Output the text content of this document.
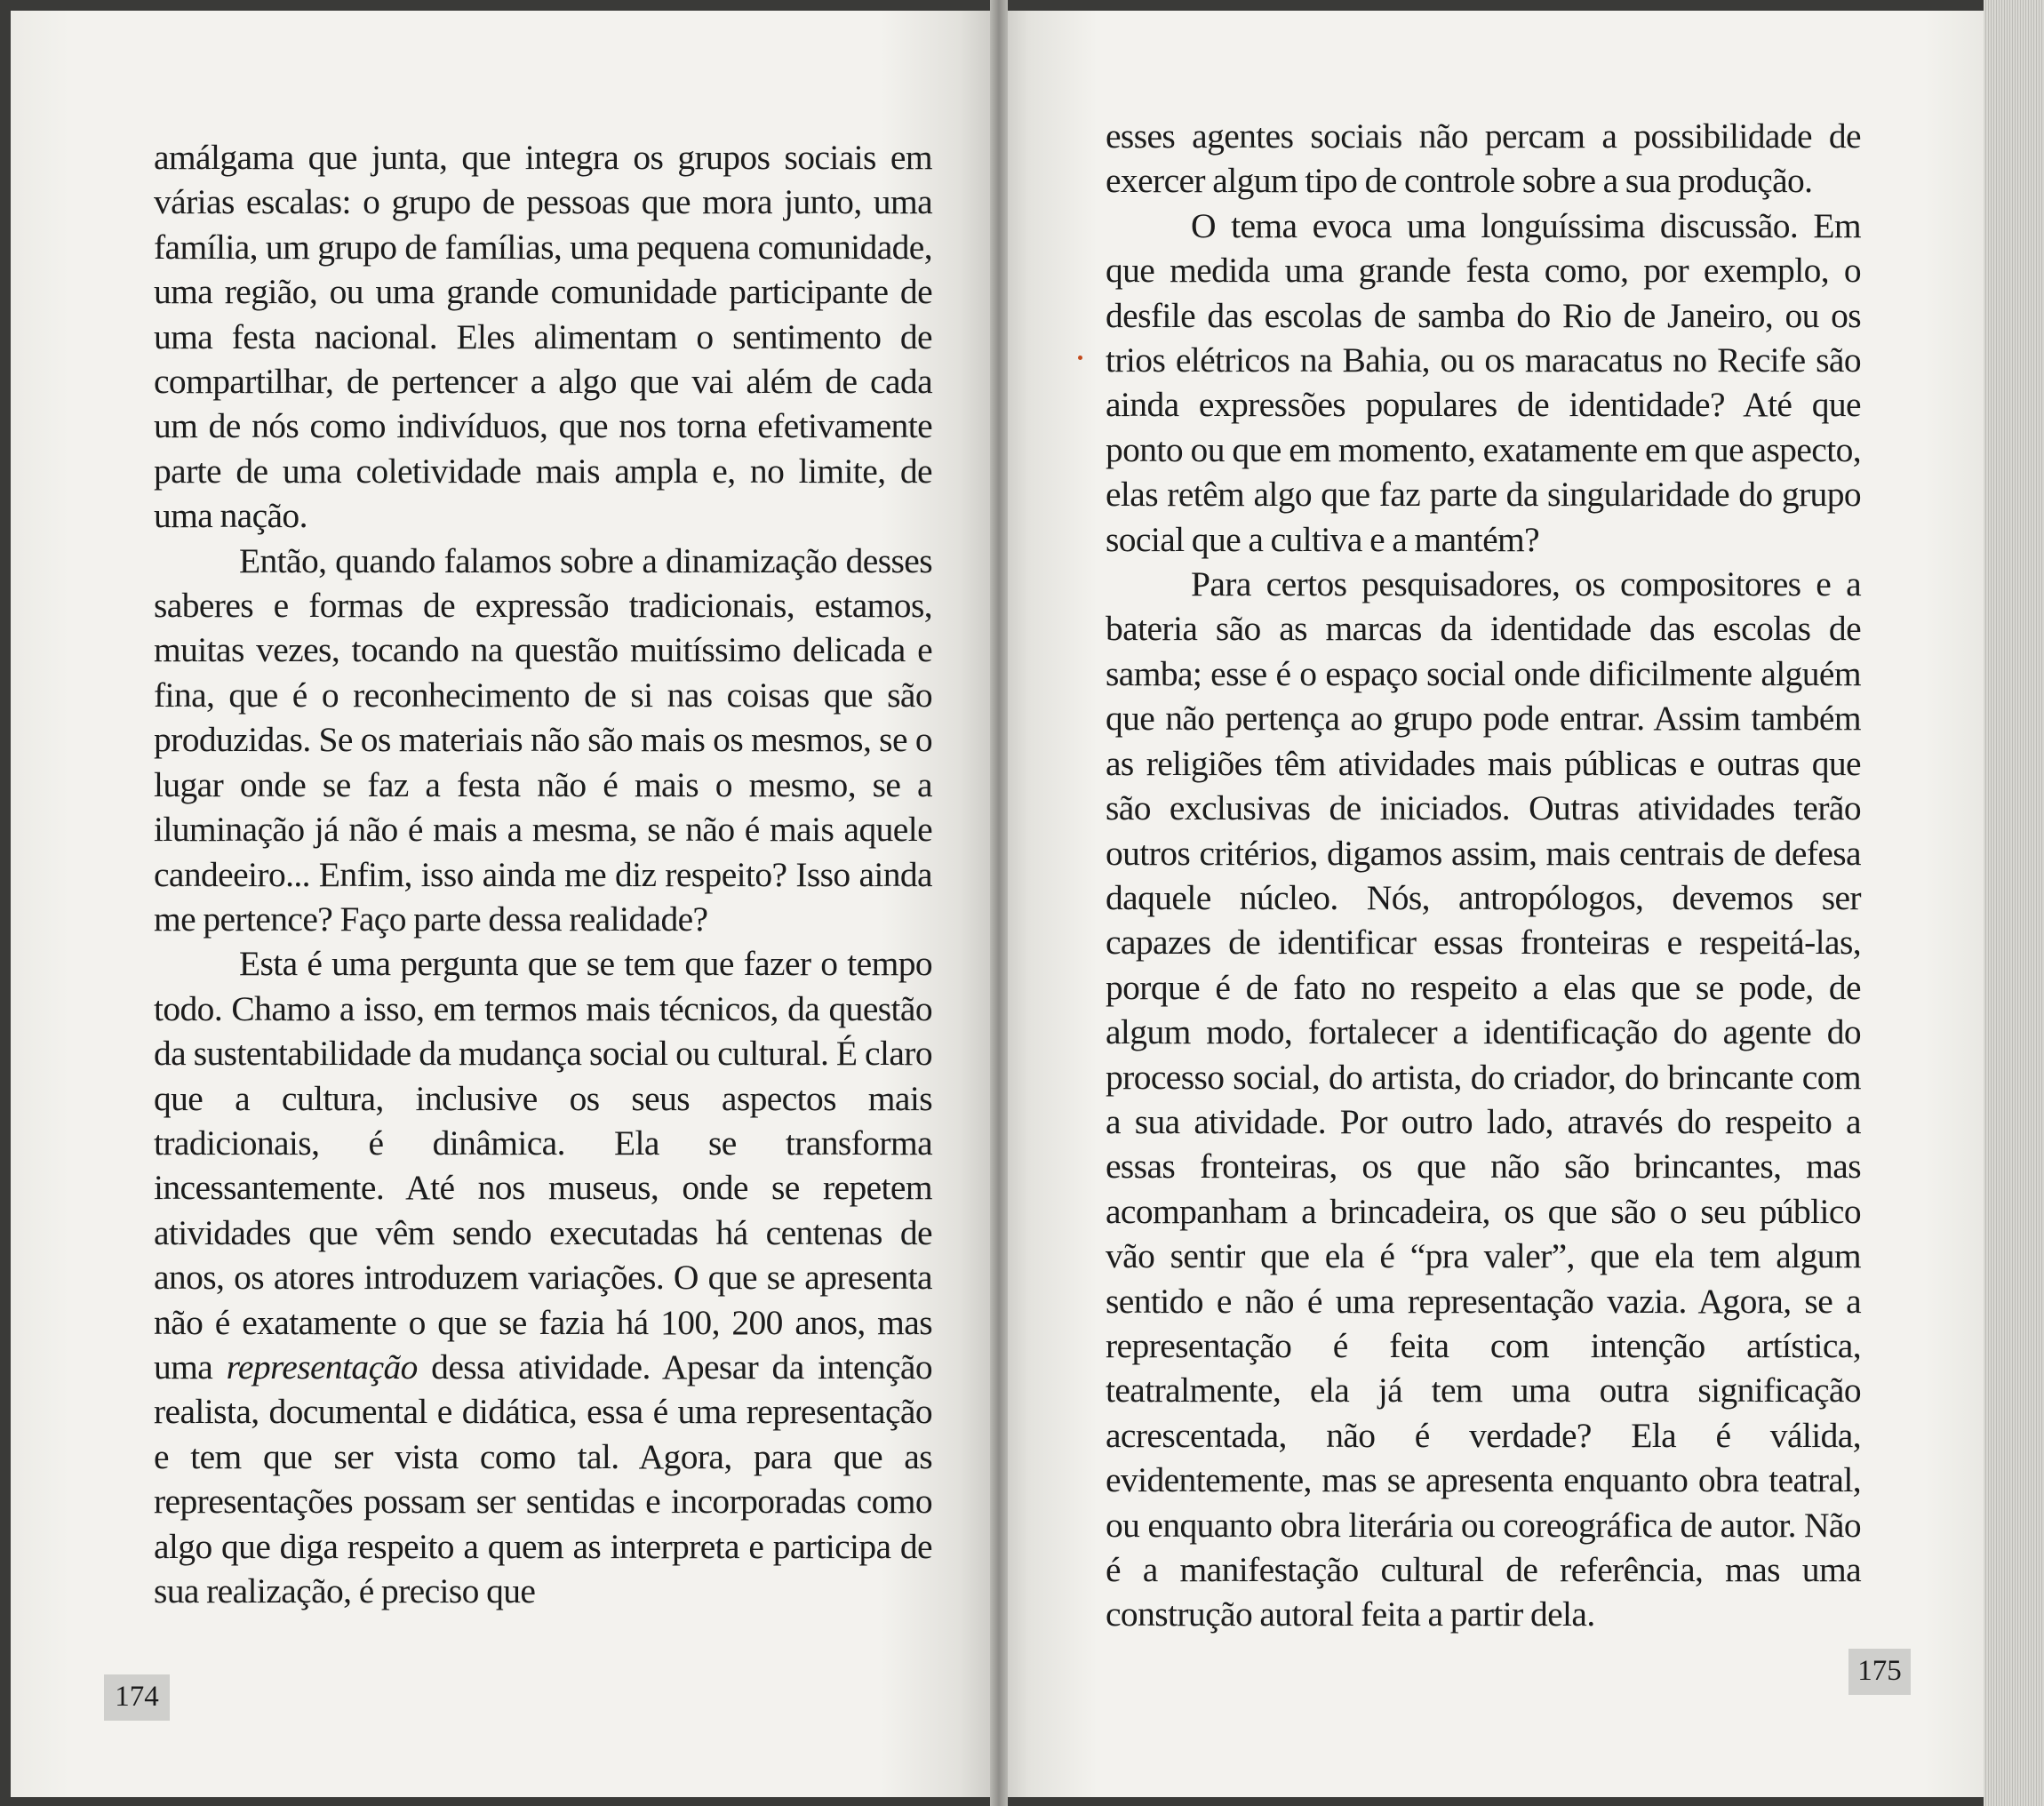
amálgama que junta, que integra os grupos sociais em várias escalas: o grupo de pessoas que mora junto, uma família, um grupo de famílias, uma pequena comunidade, uma região, ou uma grande comunidade participante de uma festa nacional. Eles alimentam o sentimento de compartilhar, de pertencer a algo que vai além de cada um de nós como indivíduos, que nos torna efetivamente parte de uma coletividade mais ampla e, no limite, de uma nação.

Então, quando falamos sobre a dinamização desses saberes e formas de expressão tradicionais, estamos, muitas vezes, tocando na questão muitíssimo delicada e fina, que é o reconhecimento de si nas coisas que são produzidas. Se os materiais não são mais os mesmos, se o lugar onde se faz a festa não é mais o mesmo, se a iluminação já não é mais a mesma, se não é mais aquele candeeiro... Enfim, isso ainda me diz respeito? Isso ainda me pertence? Faço parte dessa realidade?

Esta é uma pergunta que se tem que fazer o tempo todo. Chamo a isso, em termos mais técnicos, da questão da sustentabilidade da mudança social ou cultural. É claro que a cultura, inclusive os seus aspectos mais tradicionais, é dinâmica. Ela se transforma incessantemente. Até nos museus, onde se repetem atividades que vêm sendo executadas há centenas de anos, os atores introduzem variações. O que se apresenta não é exatamente o que se fazia há 100, 200 anos, mas uma representação dessa atividade. Apesar da intenção realista, documental e didática, essa é uma representação e tem que ser vista como tal. Agora, para que as representações possam ser sentidas e incorporadas como algo que diga respeito a quem as interpreta e participa de sua realização, é preciso que

174
175

esses agentes sociais não percam a possibilidade de exercer algum tipo de controle sobre a sua produção.

O tema evoca uma longuíssima discussão. Em que medida uma grande festa como, por exemplo, o desfile das escolas de samba do Rio de Janeiro, ou os trios elétricos na Bahia, ou os maracatus no Recife são ainda expressões populares de identidade? Até que ponto ou que em momento, exatamente em que aspecto, elas retêm algo que faz parte da singularidade do grupo social que a cultiva e a mantém?

Para certos pesquisadores, os compositores e a bateria são as marcas da identidade das escolas de samba; esse é o espaço social onde dificilmente alguém que não pertença ao grupo pode entrar. Assim também as religiões têm atividades mais públicas e outras que são exclusivas de iniciados. Outras atividades terão outros critérios, digamos assim, mais centrais de defesa daquele núcleo. Nós, antropólogos, devemos ser capazes de identificar essas fronteiras e respeitá-las, porque é de fato no respeito a elas que se pode, de algum modo, fortalecer a identificação do agente do processo social, do artista, do criador, do brincante com a sua atividade. Por outro lado, através do respeito a essas fronteiras, os que não são brincantes, mas acompanham a brincadeira, os que são o seu público vão sentir que ela é “pra valer”, que ela tem algum sentido e não é uma representação vazia. Agora, se a representação é feita com intenção artística, teatralmente, ela já tem uma outra significação acrescentada, não é verdade? Ela é válida, evidentemente, mas se apresenta enquanto obra teatral, ou enquanto obra literária ou coreográfica de autor. Não é a manifestação cultural de referência, mas uma construção autoral feita a partir dela.
